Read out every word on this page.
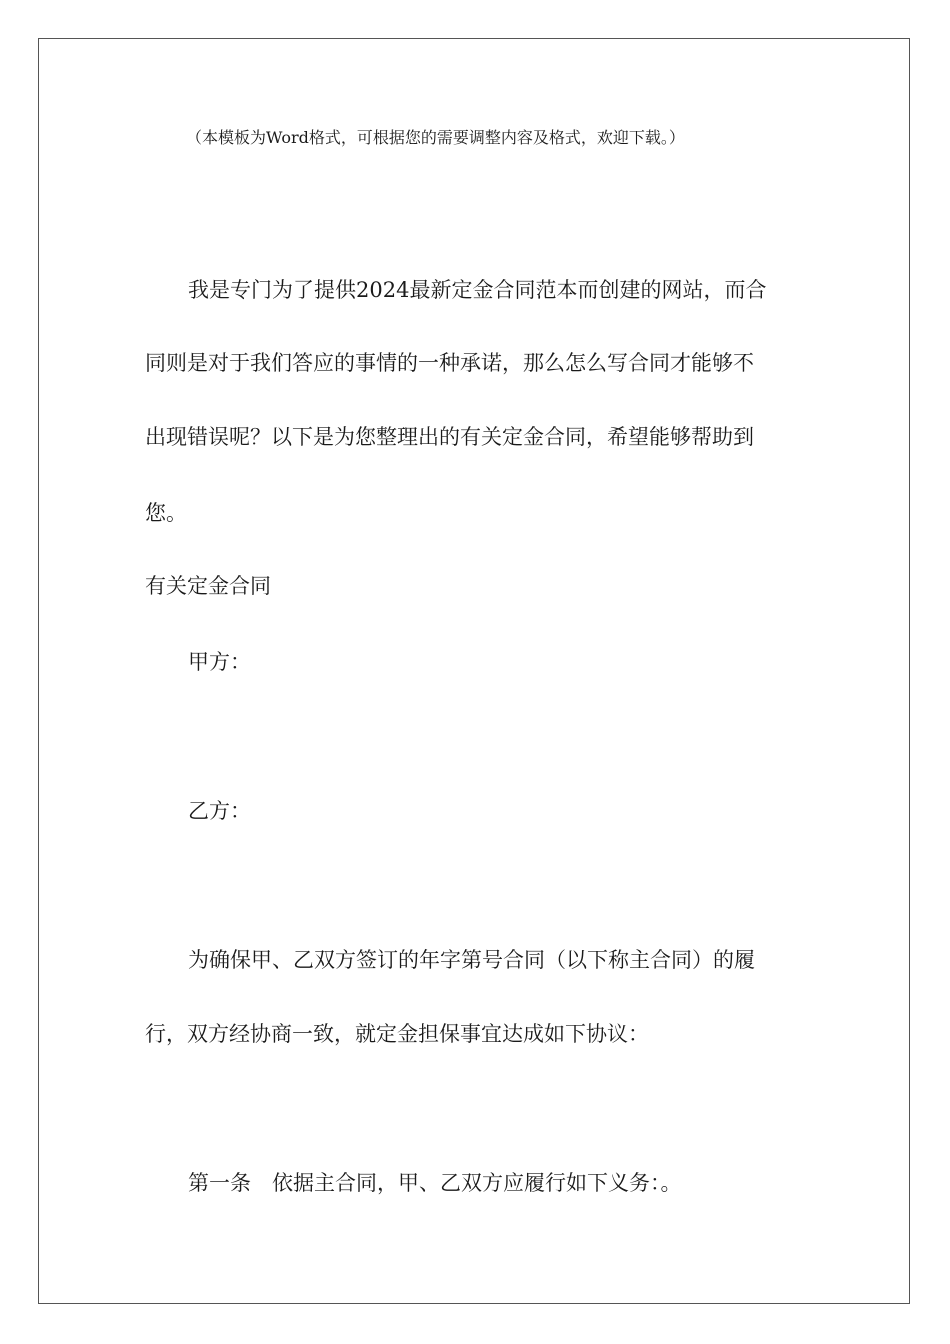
（本模板为Word格式，可根据您的需要调整内容及格式，欢迎下载。）

我是专门为了提供2024最新定金合同范本而创建的网站，而合

同则是对于我们答应的事情的一种承诺，那么怎么写合同才能够不

出现错误呢？以下是为您整理出的有关定金合同，希望能够帮助到

您。

有关定金合同

甲方：

乙方：

为确保甲、乙双方签订的年字第号合同（以下称主合同）的履

行，双方经协商一致，就定金担保事宜达成如下协议：

第一条　依据主合同，甲、乙双方应履行如下义务：。
